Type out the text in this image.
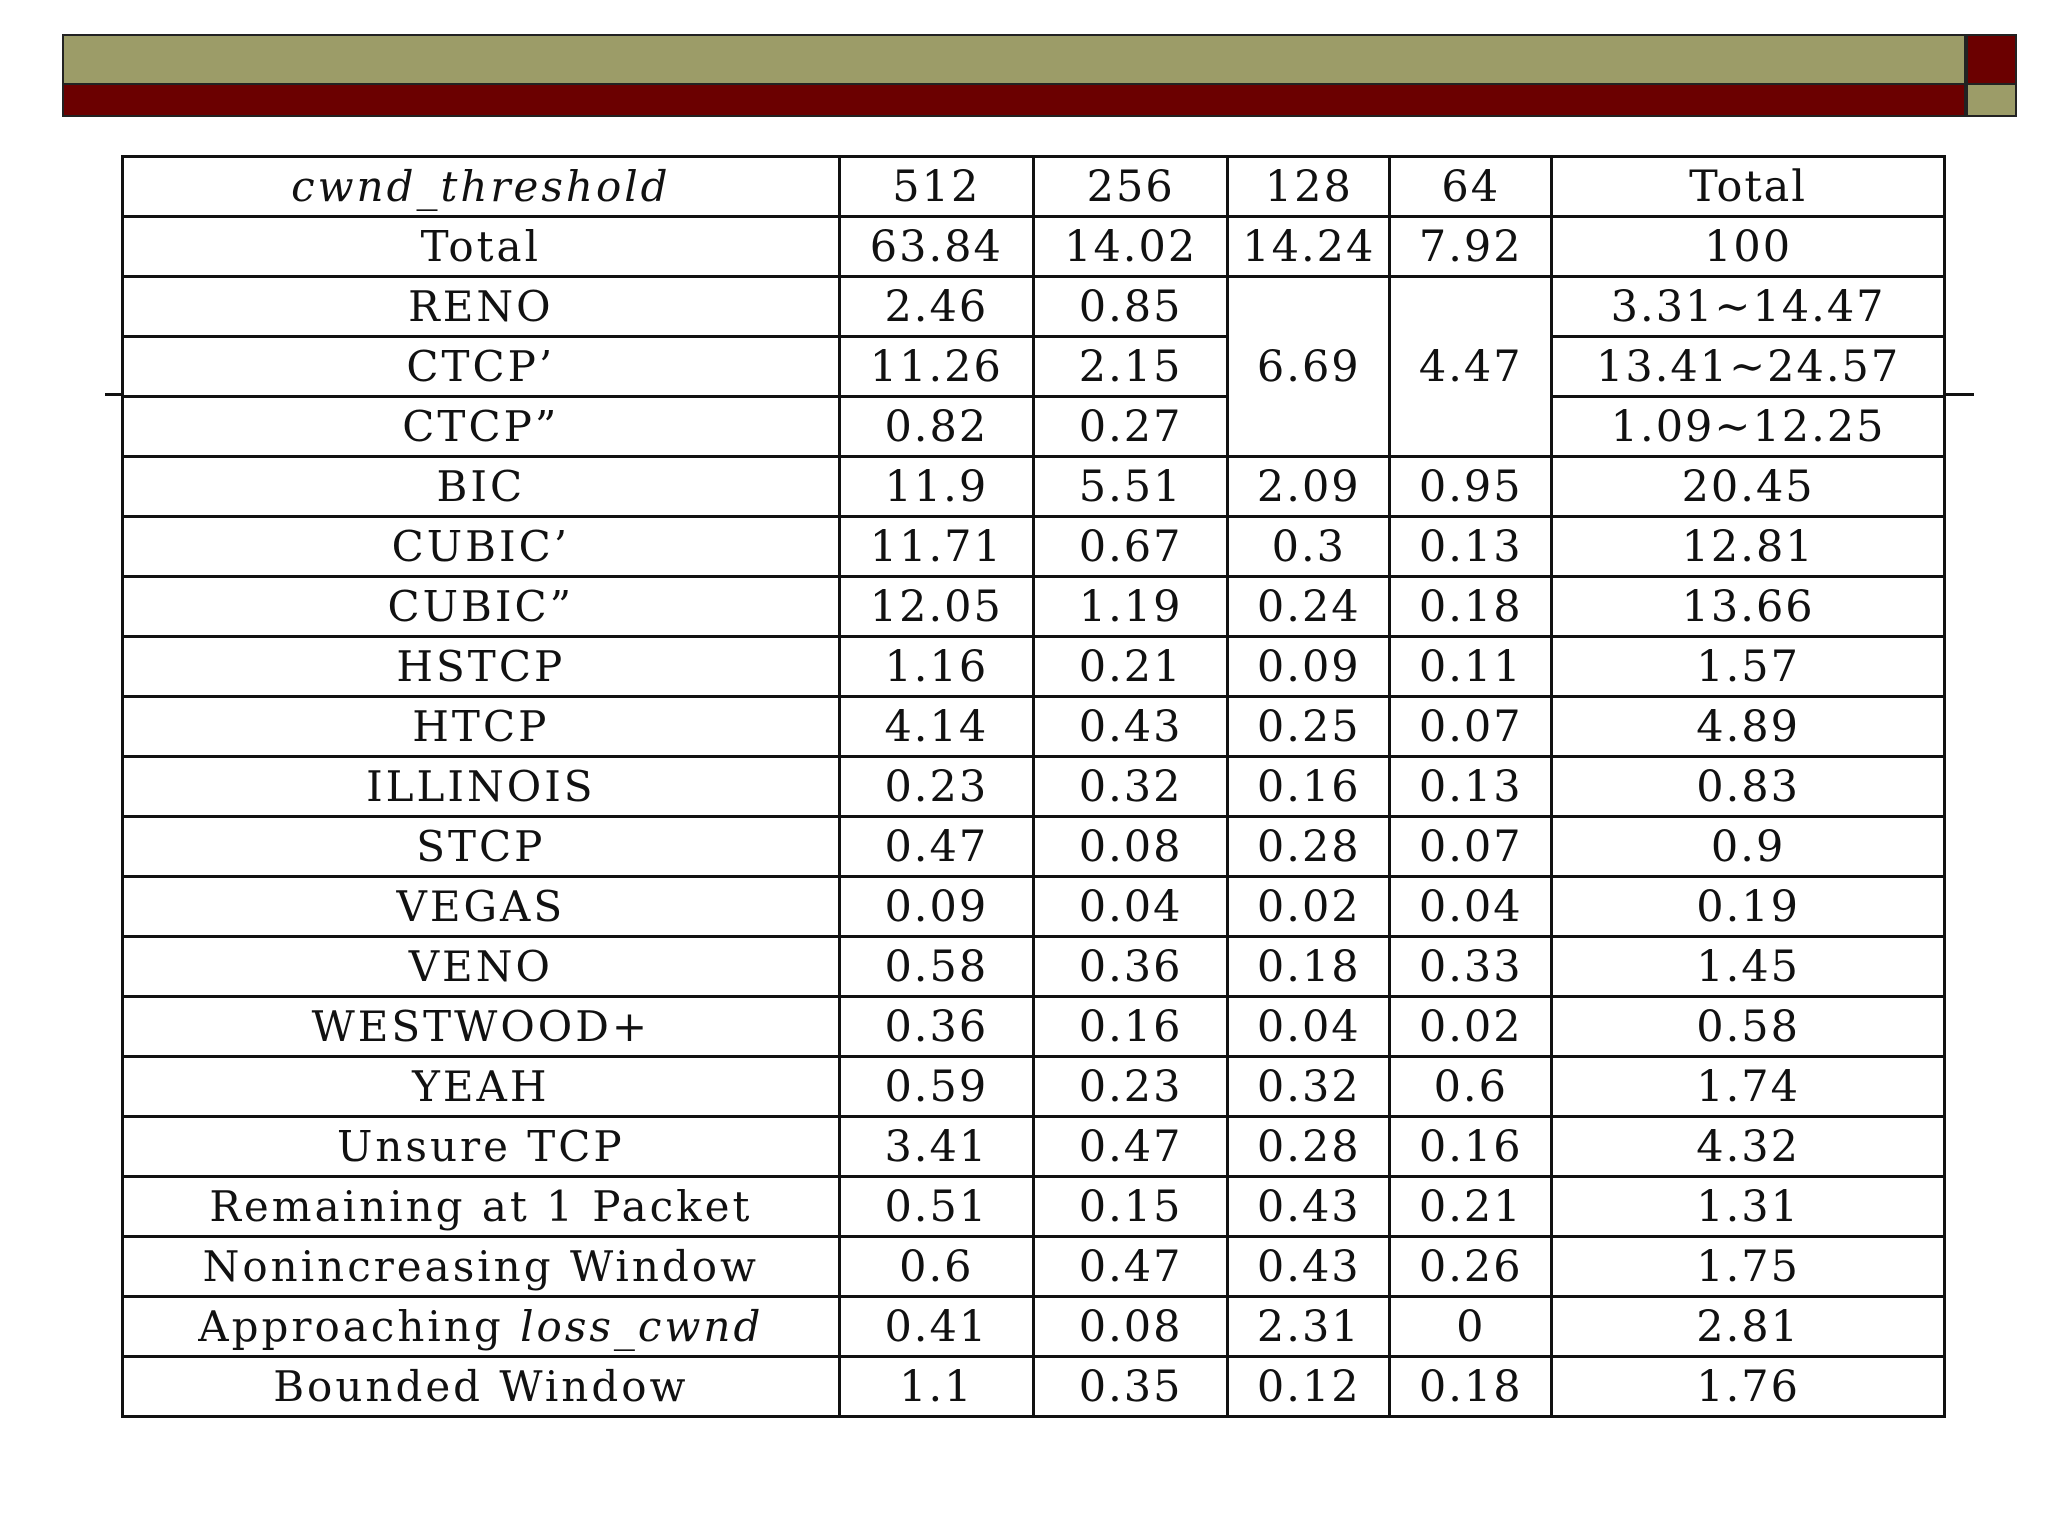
cwnd_threshold	512	256	128	64	Total
Total	63.84	14.02	14.24	7.92	100
RENO	2.46	0.85	6.69	4.47	3.31∼14.47
CTCP’	11.26	2.15			13.41∼24.57
CTCP”	0.82	0.27			1.09∼12.25
BIC	11.9	5.51	2.09	0.95	20.45
CUBIC’	11.71	0.67	0.3	0.13	12.81
CUBIC”	12.05	1.19	0.24	0.18	13.66
HSTCP	1.16	0.21	0.09	0.11	1.57
HTCP	4.14	0.43	0.25	0.07	4.89
ILLINOIS	0.23	0.32	0.16	0.13	0.83
STCP	0.47	0.08	0.28	0.07	0.9
VEGAS	0.09	0.04	0.02	0.04	0.19
VENO	0.58	0.36	0.18	0.33	1.45
WESTWOOD+	0.36	0.16	0.04	0.02	0.58
YEAH	0.59	0.23	0.32	0.6	1.74
Unsure TCP	3.41	0.47	0.28	0.16	4.32
Remaining at 1 Packet	0.51	0.15	0.43	0.21	1.31
Nonincreasing Window	0.6	0.47	0.43	0.26	1.75
Approaching loss_cwnd	0.41	0.08	2.31	0	2.81
Bounded Window	1.1	0.35	0.12	0.18	1.76
